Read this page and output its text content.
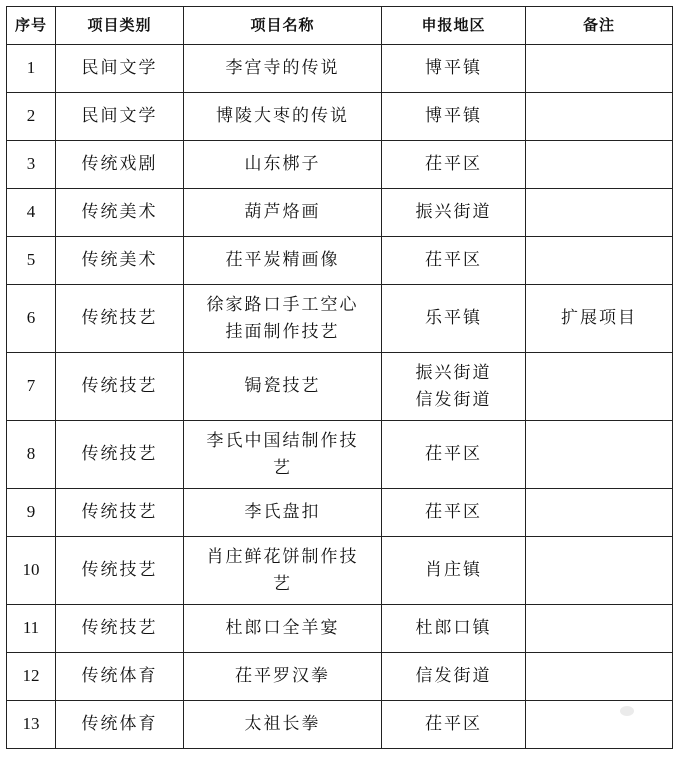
序号	项目类别	项目名称	申报地区	备注
1	民间文学	李宫寺的传说	博平镇	
2	民间文学	博陵大枣的传说	博平镇	
3	传统戏剧	山东梆子	茌平区	
4	传统美术	葫芦烙画	振兴街道	
5	传统美术	茌平炭精画像	茌平区	
6	传统技艺	徐家路口手工空心挂面制作技艺	乐平镇	扩展项目
7	传统技艺	锔瓷技艺	振兴街道信发街道	
8	传统技艺	李氏中国结制作技艺	茌平区	
9	传统技艺	李氏盘扣	茌平区	
10	传统技艺	肖庄鲜花饼制作技艺	肖庄镇	
11	传统技艺	杜郎口全羊宴	杜郎口镇	
12	传统体育	茌平罗汉拳	信发街道	
13	传统体育	太祖长拳	茌平区	
